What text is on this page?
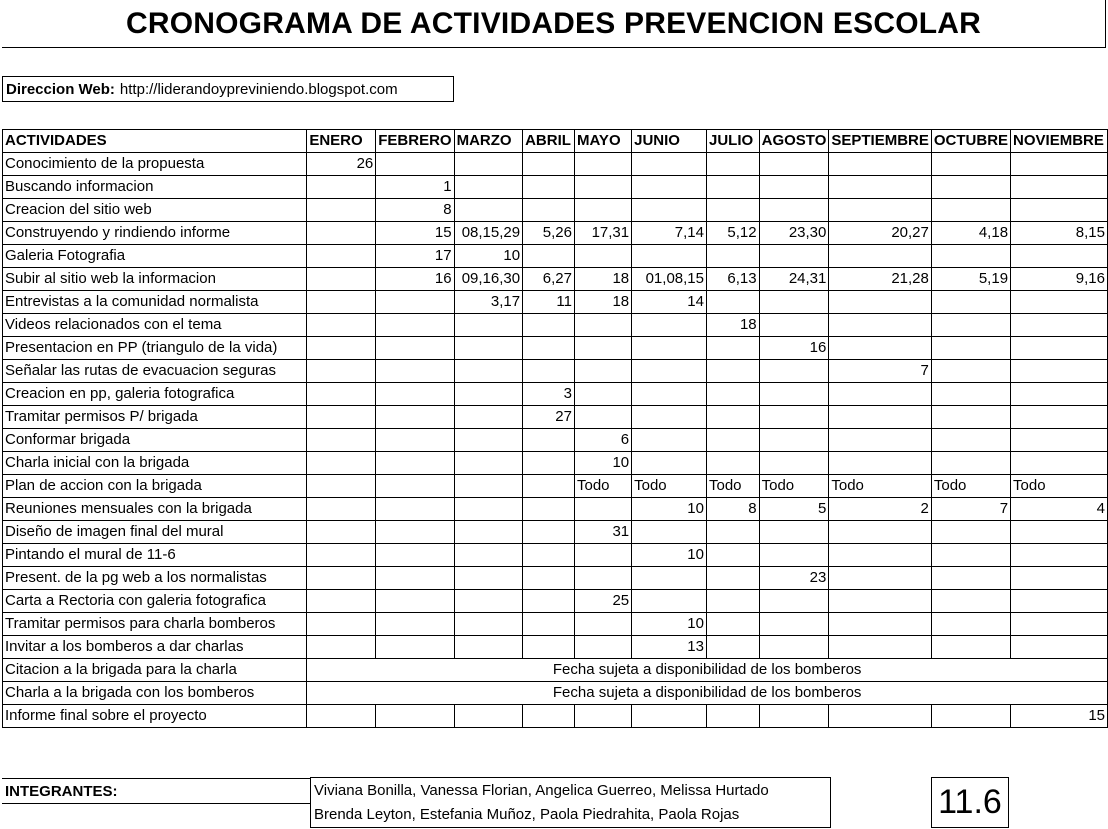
CRONOGRAMA DE ACTIVIDADES PREVENCION ESCOLAR
Direccion Web: http://liderandoypreviniendo.blogspot.com
ACTIVIDADES	ENERO	FEBRERO	MARZO	ABRIL	MAYO	JUNIO	JULIO	AGOSTO	SEPTIEMBRE	OCTUBRE	NOVIEMBRE
Conocimiento de la propuesta	26										
Buscando informacion		1									
Creacion del sitio web		8									
Construyendo y rindiendo informe		15	08,15,29	5,26	17,31	7,14	5,12	23,30	20,27	4,18	8,15
Galeria Fotografia		17	10								
Subir al sitio web la informacion		16	09,16,30	6,27	18	01,08,15	6,13	24,31	21,28	5,19	9,16
Entrevistas a la comunidad normalista			3,17	11	18	14					
Videos relacionados con el tema							18				
Presentacion en PP (triangulo de la vida)								16			
Señalar las rutas de evacuacion seguras									7		
Creacion en pp, galeria fotografica				3							
Tramitar permisos P/ brigada				27							
Conformar brigada					6						
Charla inicial con la brigada					10						
Plan de accion con la brigada					Todo	Todo	Todo	Todo	Todo	Todo	Todo
Reuniones mensuales con la brigada						10	8	5	2	7	4
Diseño de imagen final del mural					31						
Pintando el mural de 11-6						10					
Present. de la pg web a los normalistas								23			
Carta a Rectoria con galeria fotografica					25						
Tramitar permisos para charla bomberos						10					
Invitar a los bomberos a dar charlas						13					
Citacion a la brigada para la charla	Fecha sujeta a disponibilidad de los bomberos										
Charla a la brigada con los bomberos	Fecha sujeta a disponibilidad de los bomberos										
Informe final sobre el proyecto											15
INTEGRANTES:	Viviana Bonilla, Vanessa Florian, Angelica Guerreo, Melissa Hurtado
Brenda Leyton, Estefania Muñoz, Paola Piedrahita, Paola Rojas	11.6
